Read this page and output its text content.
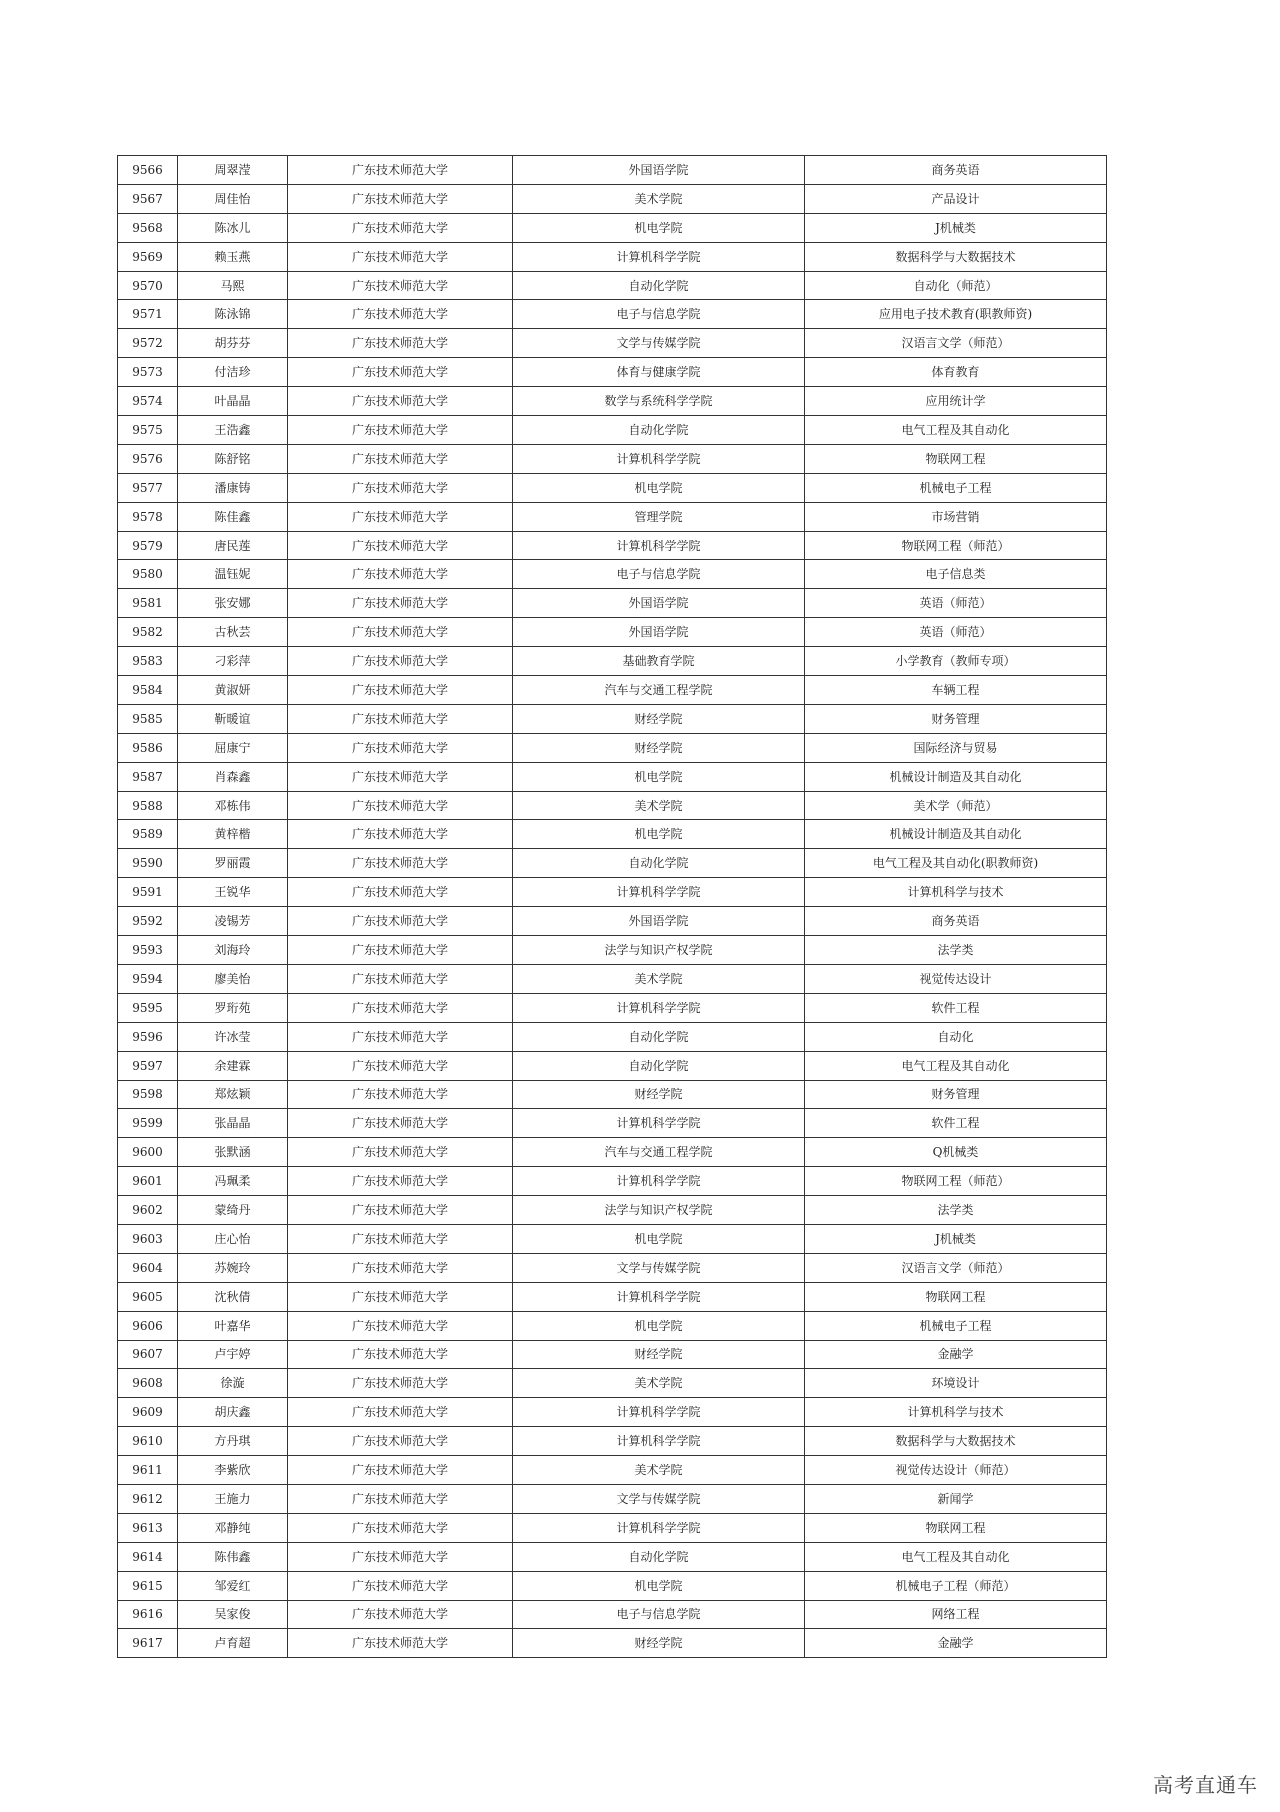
9566	周翠滢	广东技术师范大学	外国语学院	商务英语
9567	周佳怡	广东技术师范大学	美术学院	产品设计
9568	陈冰儿	广东技术师范大学	机电学院	J机械类
9569	赖玉燕	广东技术师范大学	计算机科学学院	数据科学与大数据技术
9570	马熙	广东技术师范大学	自动化学院	自动化（师范）
9571	陈泳锦	广东技术师范大学	电子与信息学院	应用电子技术教育(职教师资)
9572	胡芬芬	广东技术师范大学	文学与传媒学院	汉语言文学（师范）
9573	付洁珍	广东技术师范大学	体育与健康学院	体育教育
9574	叶晶晶	广东技术师范大学	数学与系统科学学院	应用统计学
9575	王浩鑫	广东技术师范大学	自动化学院	电气工程及其自动化
9576	陈舒铭	广东技术师范大学	计算机科学学院	物联网工程
9577	潘康铸	广东技术师范大学	机电学院	机械电子工程
9578	陈佳鑫	广东技术师范大学	管理学院	市场营销
9579	唐民莲	广东技术师范大学	计算机科学学院	物联网工程（师范）
9580	温钰妮	广东技术师范大学	电子与信息学院	电子信息类
9581	张安娜	广东技术师范大学	外国语学院	英语（师范）
9582	古秋芸	广东技术师范大学	外国语学院	英语（师范）
9583	刁彩萍	广东技术师范大学	基础教育学院	小学教育（教师专项）
9584	黄淑妍	广东技术师范大学	汽车与交通工程学院	车辆工程
9585	靳暖谊	广东技术师范大学	财经学院	财务管理
9586	屈康宁	广东技术师范大学	财经学院	国际经济与贸易
9587	肖森鑫	广东技术师范大学	机电学院	机械设计制造及其自动化
9588	邓栋伟	广东技术师范大学	美术学院	美术学（师范）
9589	黄梓楷	广东技术师范大学	机电学院	机械设计制造及其自动化
9590	罗丽霞	广东技术师范大学	自动化学院	电气工程及其自动化(职教师资)
9591	王锐华	广东技术师范大学	计算机科学学院	计算机科学与技术
9592	凌锡芳	广东技术师范大学	外国语学院	商务英语
9593	刘海玲	广东技术师范大学	法学与知识产权学院	法学类
9594	廖美怡	广东技术师范大学	美术学院	视觉传达设计
9595	罗珩苑	广东技术师范大学	计算机科学学院	软件工程
9596	许冰莹	广东技术师范大学	自动化学院	自动化
9597	余建霖	广东技术师范大学	自动化学院	电气工程及其自动化
9598	郑炫颖	广东技术师范大学	财经学院	财务管理
9599	张晶晶	广东技术师范大学	计算机科学学院	软件工程
9600	张默涵	广东技术师范大学	汽车与交通工程学院	Q机械类
9601	冯珮柔	广东技术师范大学	计算机科学学院	物联网工程（师范）
9602	蒙绮丹	广东技术师范大学	法学与知识产权学院	法学类
9603	庄心怡	广东技术师范大学	机电学院	J机械类
9604	苏婉玲	广东技术师范大学	文学与传媒学院	汉语言文学（师范）
9605	沈秋倩	广东技术师范大学	计算机科学学院	物联网工程
9606	叶嘉华	广东技术师范大学	机电学院	机械电子工程
9607	卢宇婷	广东技术师范大学	财经学院	金融学
9608	徐漩	广东技术师范大学	美术学院	环境设计
9609	胡庆鑫	广东技术师范大学	计算机科学学院	计算机科学与技术
9610	方丹琪	广东技术师范大学	计算机科学学院	数据科学与大数据技术
9611	李紫欣	广东技术师范大学	美术学院	视觉传达设计（师范）
9612	王施力	广东技术师范大学	文学与传媒学院	新闻学
9613	邓静纯	广东技术师范大学	计算机科学学院	物联网工程
9614	陈伟鑫	广东技术师范大学	自动化学院	电气工程及其自动化
9615	邹爱红	广东技术师范大学	机电学院	机械电子工程（师范）
9616	吴家俊	广东技术师范大学	电子与信息学院	网络工程
9617	卢育超	广东技术师范大学	财经学院	金融学
高考直通车
